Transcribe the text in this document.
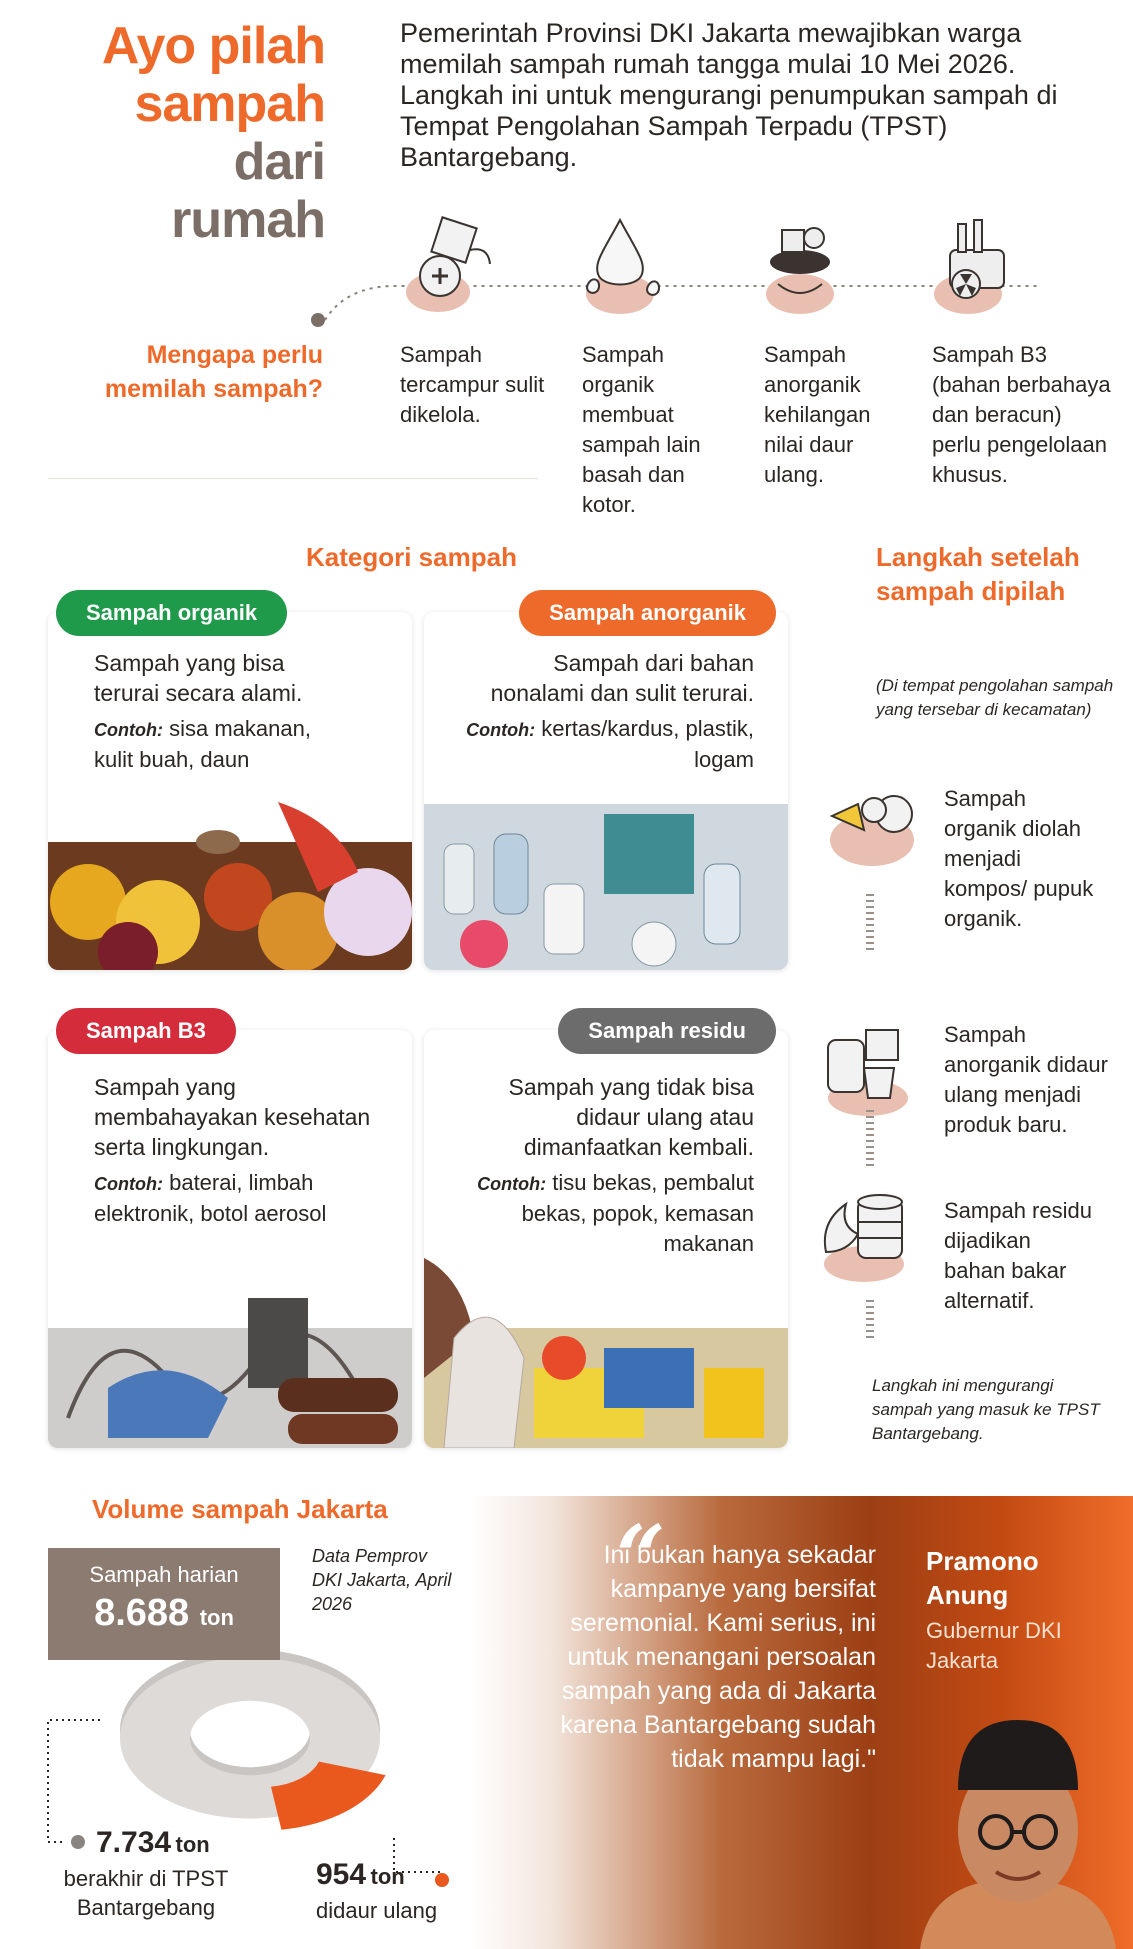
Ayo pilah
sampah
dari
rumah
Pemerintah Provinsi DKI Jakarta mewajibkan warga memilah sampah rumah tangga mulai 10 Mei 2026. Langkah ini untuk mengurangi penumpukan sampah di Tempat Pengolahan Sampah Terpadu (TPST) Bantargebang.
Mengapa perlu memilah sampah?
Sampah tercampur sulit dikelola.
Sampah organik membuat sampah lain basah dan kotor.
Sampah anorganik kehilangan nilai daur ulang.
Sampah B3 (bahan berbahaya dan beracun) perlu pengelolaan khusus.
Kategori sampah
Sampah yang bisa terurai secara alami.
Contoh: sisa makanan, kulit buah, daun
Sampah organik
Sampah dari bahan nonalami dan sulit terurai.
Contoh: kertas/kardus, plastik, logam
Sampah anorganik
Sampah yang membahayakan kesehatan serta lingkungan.
Contoh: baterai, limbah elektronik, botol aerosol
Sampah B3
Sampah yang tidak bisa didaur ulang atau dimanfaatkan kembali.
Contoh: tisu bekas, pembalut bekas, popok, kemasan makanan
Sampah residu
Langkah setelah sampah dipilah
(Di tempat pengolahan sampah yang tersebar di kecamatan)
Sampah organik diolah menjadi kompos/ pupuk organik.
Sampah anorganik didaur ulang menjadi produk baru.
Sampah residu dijadikan bahan bakar alternatif.
Langkah ini mengurangi sampah yang masuk ke TPST Bantargebang.
“
Ini bukan hanya sekadar kampanye yang bersifat seremonial. Kami serius, ini untuk menangani persoalan sampah yang ada di Jakarta karena Bantargebang sudah tidak mampu lagi."
Pramono Anung
Gubernur DKI Jakarta
Volume sampah Jakarta
Data Pemprov DKI Jakarta, April 2026
Sampah harian
8.688 ton
7.734 ton
berakhir di TPST Bantargebang
954 ton
didaur ulang
